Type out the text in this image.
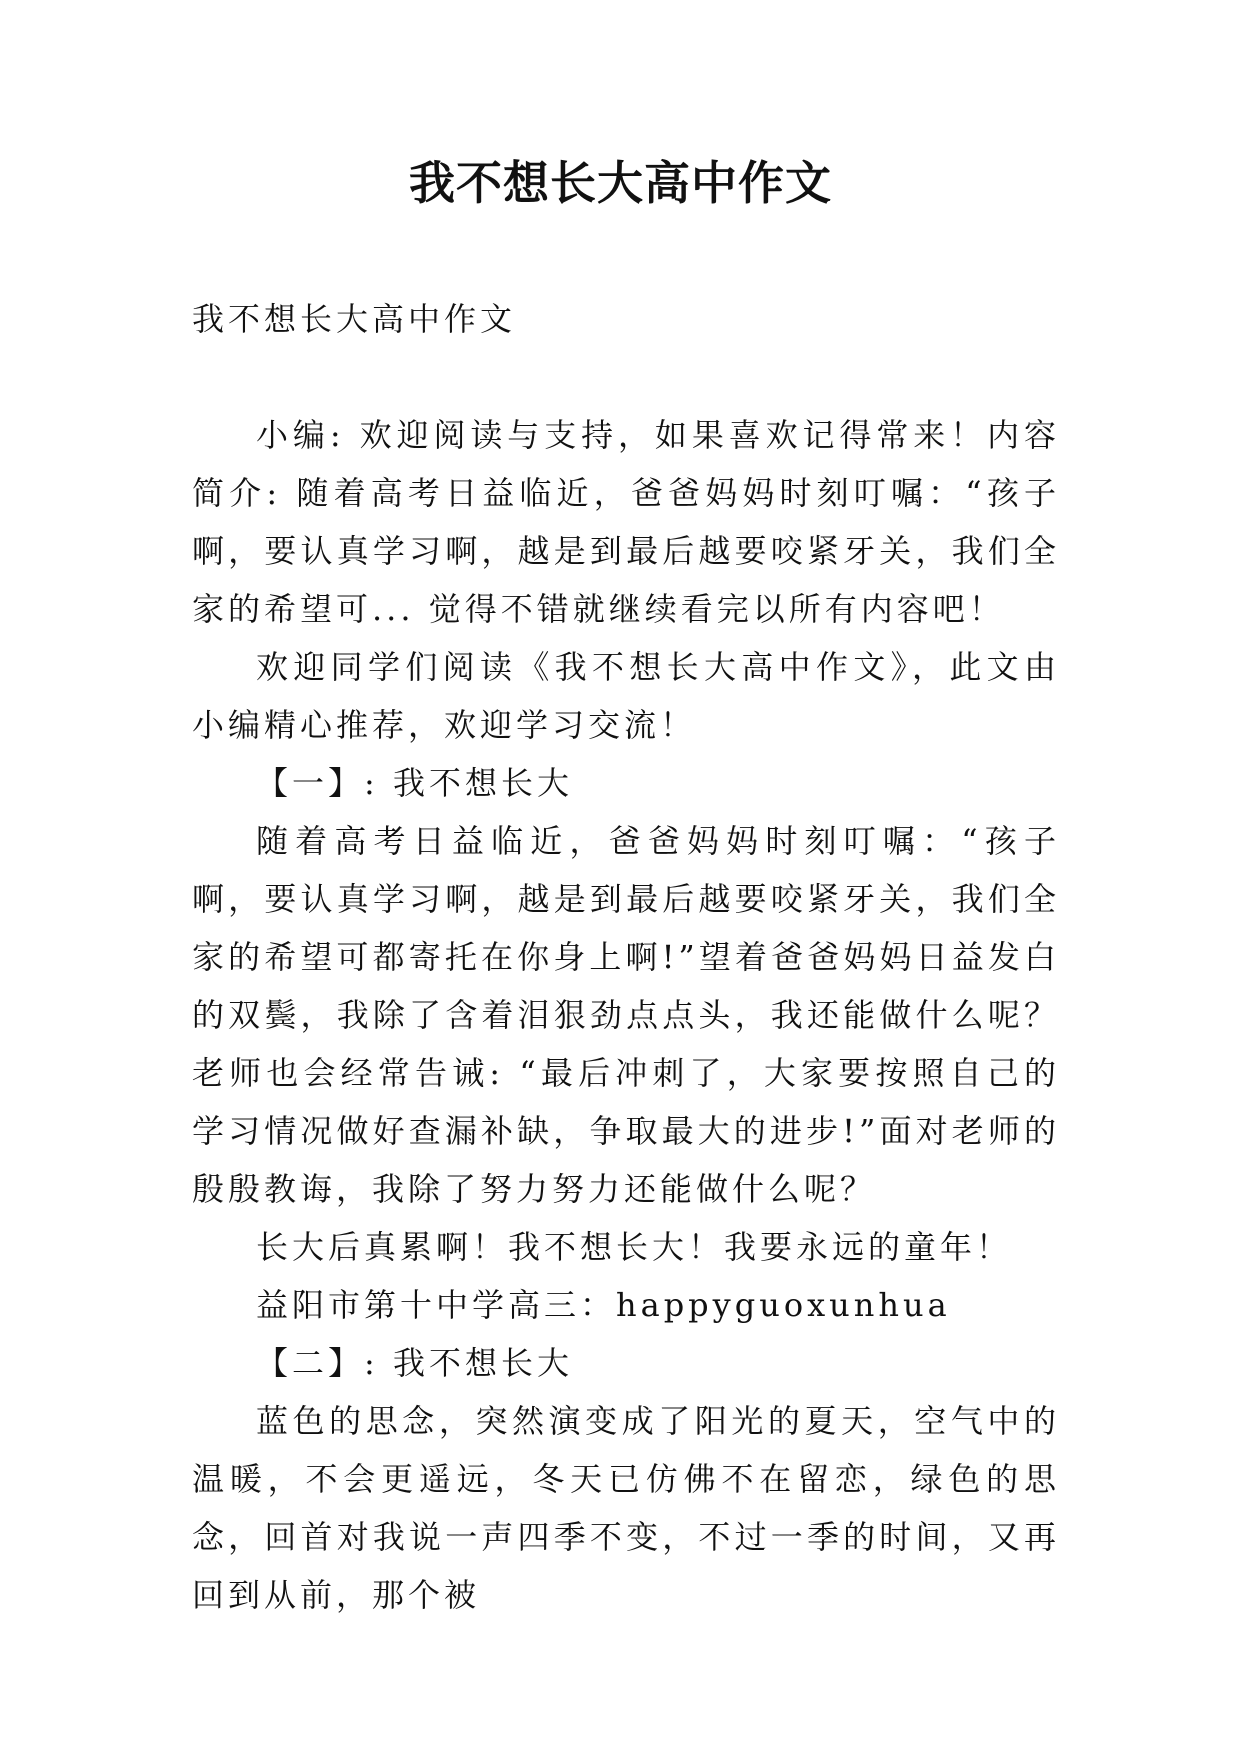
我不想长大高中作文

我不想长大高中作文

小编: 欢迎阅读与支持，如果喜欢记得常来！内容简介: 随着高考日益临近，爸爸妈妈时刻叮嘱：“孩子啊，要认真学习啊，越是到最后越要咬紧牙关，我们全家的希望可... 觉得不错就继续看完以所有内容吧！

欢迎同学们阅读《我不想长大高中作文》，此文由小编精心推荐，欢迎学习交流！

【一】: 我不想长大

随着高考日益临近，爸爸妈妈时刻叮嘱：“孩子啊，要认真学习啊，越是到最后越要咬紧牙关，我们全家的希望可都寄托在你身上啊!”望着爸爸妈妈日益发白的双鬓，我除了含着泪狠劲点点头，我还能做什么呢？老师也会经常告诫: “最后冲刺了，大家要按照自己的学习情况做好查漏补缺，争取最大的进步!”面对老师的殷殷教诲，我除了努力努力还能做什么呢？

长大后真累啊！我不想长大！我要永远的童年！

益阳市第十中学高三：happyguoxunhua

【二】: 我不想长大

蓝色的思念，突然演变成了阳光的夏天，空气中的温暖，不会更遥远，冬天已仿佛不在留恋，绿色的思念，回首对我说一声四季不变，不过一季的时间，又再回到从前，那个被
